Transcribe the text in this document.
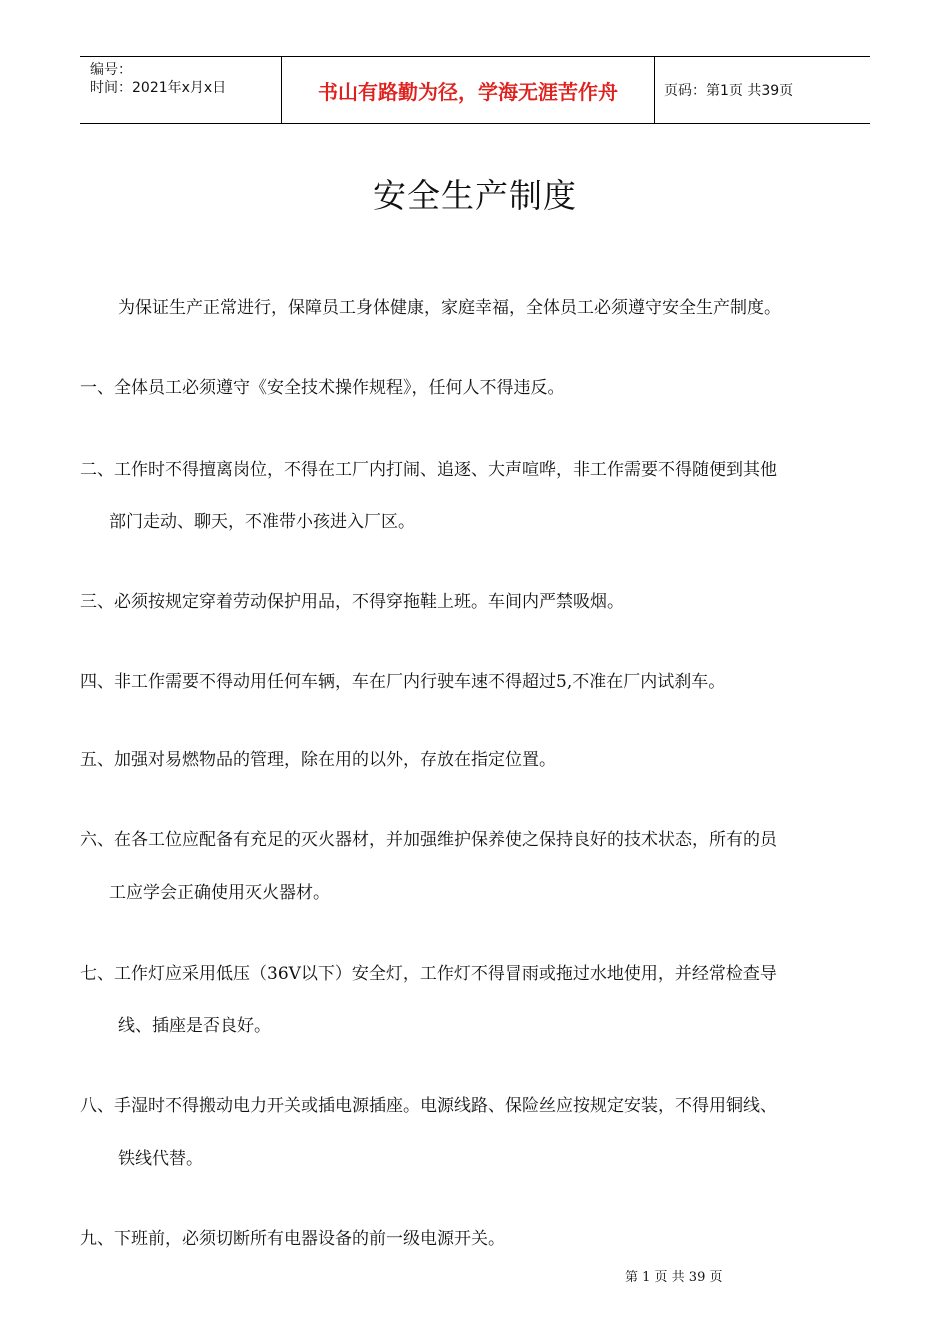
编号：
时间：2021年x月x日	书山有路勤为径，学海无涯苦作舟	页码：第1页 共39页
安全生产制度
为保证生产正常进行，保障员工身体健康，家庭幸福，全体员工必须遵守安全生产制度。
一、全体员工必须遵守《安全技术操作规程》，任何人不得违反。
二、工作时不得擅离岗位，不得在工厂内打闹、追逐、大声喧哗，非工作需要不得随便到其他
部门走动、聊天，不准带小孩进入厂区。
三、必须按规定穿着劳动保护用品，不得穿拖鞋上班。车间内严禁吸烟。
四、非工作需要不得动用任何车辆，车在厂内行驶车速不得超过5,不准在厂内试刹车。
五、加强对易燃物品的管理，除在用的以外，存放在指定位置。
六、在各工位应配备有充足的灭火器材，并加强维护保养使之保持良好的技术状态，所有的员
工应学会正确使用灭火器材。
七、工作灯应采用低压（36V以下）安全灯，工作灯不得冒雨或拖过水地使用，并经常检查导
线、插座是否良好。
八、手湿时不得搬动电力开关或插电源插座。电源线路、保险丝应按规定安装，不得用铜线、
铁线代替。
九、下班前，必须切断所有电器设备的前一级电源开关。
第 1 页 共 39 页
